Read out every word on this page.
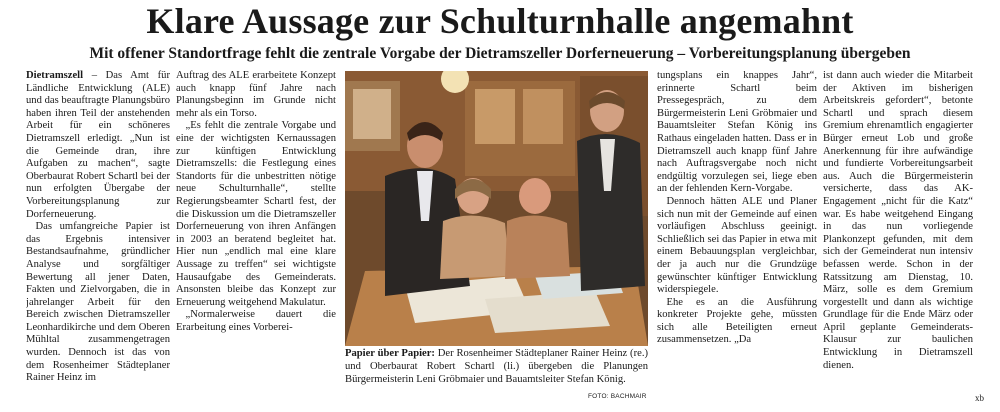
Klare Aussage zur Schulturnhalle angemahnt
Mit offener Standortfrage fehlt die zentrale Vorgabe der Dietramszeller Dorferneuerung – Vorbereitungsplanung übergeben

Dietramszell – Das Amt für Ländliche Entwicklung (ALE) und das beauftragte Planungsbüro haben ihren Teil der anstehenden Arbeit für ein schöneres Dietramszell erledigt. „Nun ist die Gemeinde dran, ihre Aufgaben zu machen“, sagte Oberbaurat Robert Schartl bei der nun erfolgten Übergabe der Vorbereitungsplanung zur Dorferneuerung.

Das umfangreiche Papier ist das Ergebnis intensiver Bestandsaufnahme, gründlicher Analyse und sorgfältiger Bewertung all jener Daten, Fakten und Zielvorgaben, die in jahrelanger Arbeit für den Bereich zwischen Dietramszeller Leonhardikirche und dem Oberen Mühltal zusammengetragen wurden. Dennoch ist das von dem Rosenheimer Städteplaner Rainer Heinz im

Auftrag des ALE erarbeitete Konzept auch knapp fünf Jahre nach Planungsbeginn im Grunde nicht mehr als ein Torso.

„Es fehlt die zentrale Vorgabe und eine der wichtigsten Kernaussagen zur künftigen Entwicklung Dietramszells: die Festlegung eines Standorts für die unbestritten nötige neue Schulturnhalle“, stellte Regierungsbeamter Schartl fest, der die Diskussion um die Dietramszeller Dorferneuerung von ihren Anfängen in 2003 an beratend begleitet hat. Hier nun „endlich mal eine klare Aussage zu treffen“ sei wichtigste Hausaufgabe des Gemeinderats. Ansonsten bleibe das Konzept zur Erneuerung weitgehend Makulatur.

„Normalerweise dauert die Erarbeitung eines Vorberei-

Papier über Papier: Der Rosenheimer Städteplaner Rainer Heinz (re.) und Oberbaurat Robert Schartl (li.) übergeben die Planungen Bürgermeisterin Leni Gröbmaier und Bauamtsleiter Stefan König.
FOTO: BACHMAIR

tungsplans ein knappes Jahr“, erinnerte Schartl beim Pressegespräch, zu dem Bürgermeisterin Leni Gröbmaier und Bauamtsleiter Stefan König ins Rathaus eingeladen hatten. Dass er in Dietramszell auch knapp fünf Jahre nach Auftragsvergabe noch nicht endgültig vorzulegen sei, liege eben an der fehlenden Kern-Vorgabe.

Dennoch hätten ALE und Planer sich nun mit der Gemeinde auf einen vorläufigen Abschluss geeinigt. Schließlich sei das Papier in etwa mit einem Bebauungsplan vergleichbar, der ja auch nur die Grundzüge gewünschter künftiger Entwicklung widerspiegele.

Ehe es an die Ausführung konkreter Projekte gehe, müssten sich alle Beteiligten erneut zusammensetzen. „Da

ist dann auch wieder die Mitarbeit der Aktiven im bisherigen Arbeitskreis gefordert“, betonte Schartl und sprach diesem Gremium ehrenamtlich engagierter Bürger erneut Lob und große Anerkennung für ihre aufwändige und fundierte Vorbereitungsarbeit aus. Auch die Bürgermeisterin versicherte, dass das AK-Engagement „nicht für die Katz“ war. Es habe weitgehend Eingang in das nun vorliegende Plankonzept gefunden, mit dem sich der Gemeinderat nun intensiv befassen werde. Schon in der Ratssitzung am Dienstag, 10. März, solle es dem Gremium vorgestellt und dann als wichtige Grundlage für die Ende März oder April geplante Gemeinderats-Klausur zur baulichen Entwicklung in Dietramszell dienen.

xb
